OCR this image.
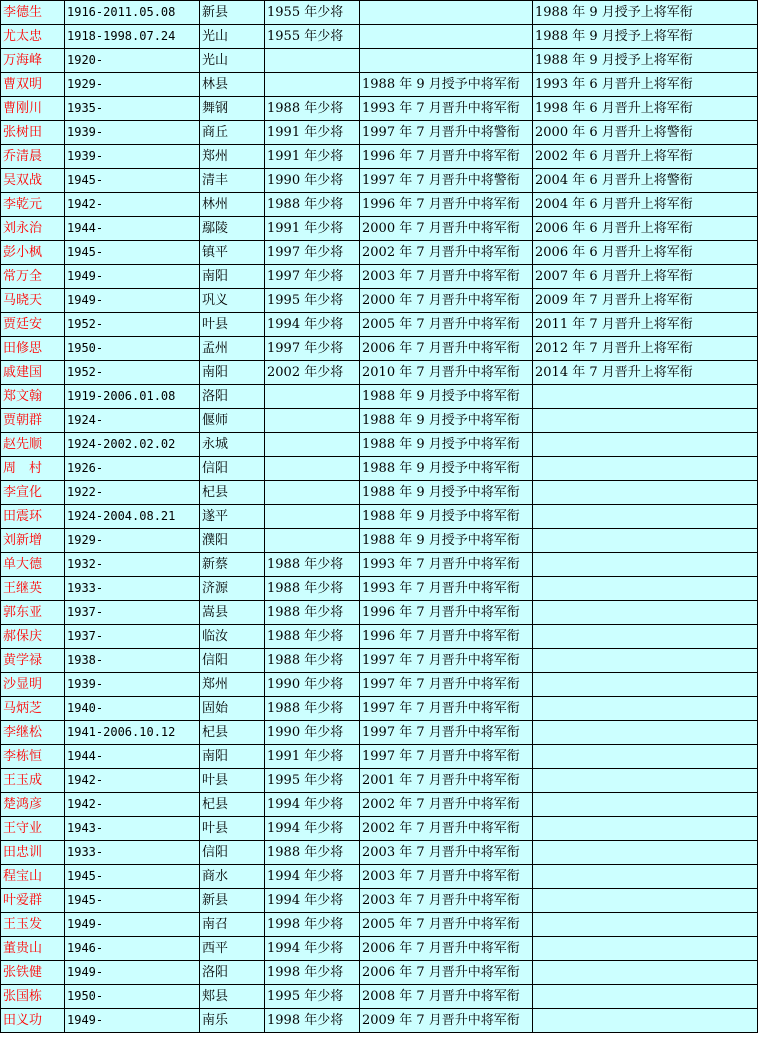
李德生	1916-2011.05.08	新县	1955 年少将		1988 年 9 月授予上将军衔
尤太忠	1918-1998.07.24	光山	1955 年少将		1988 年 9 月授予上将军衔
万海峰	1920-	光山			1988 年 9 月授予上将军衔
曹双明	1929-	林县		1988 年 9 月授予中将军衔	1993 年 6 月晋升上将军衔
曹刚川	1935-	舞钢	1988 年少将	1993 年 7 月晋升中将军衔	1998 年 6 月晋升上将军衔
张树田	1939-	商丘	1991 年少将	1997 年 7 月晋升中将警衔	2000 年 6 月晋升上将警衔
乔清晨	1939-	郑州	1991 年少将	1996 年 7 月晋升中将军衔	2002 年 6 月晋升上将军衔
吴双战	1945-	清丰	1990 年少将	1997 年 7 月晋升中将警衔	2004 年 6 月晋升上将警衔
李乾元	1942-	林州	1988 年少将	1996 年 7 月晋升中将军衔	2004 年 6 月晋升上将军衔
刘永治	1944-	鄢陵	1991 年少将	2000 年 7 月晋升中将军衔	2006 年 6 月晋升上将军衔
彭小枫	1945-	镇平	1997 年少将	2002 年 7 月晋升中将军衔	2006 年 6 月晋升上将军衔
常万全	1949-	南阳	1997 年少将	2003 年 7 月晋升中将军衔	2007 年 6 月晋升上将军衔
马晓天	1949-	巩义	1995 年少将	2000 年 7 月晋升中将军衔	2009 年 7 月晋升上将军衔
贾廷安	1952-	叶县	1994 年少将	2005 年 7 月晋升中将军衔	2011 年 7 月晋升上将军衔
田修思	1950-	孟州	1997 年少将	2006 年 7 月晋升中将军衔	2012 年 7 月晋升上将军衔
戚建国	1952-	南阳	2002 年少将	2010 年 7 月晋升中将军衔	2014 年 7 月晋升上将军衔
郑文翰	1919-2006.01.08	洛阳		1988 年 9 月授予中将军衔	
贾朝群	1924-	偃师		1988 年 9 月授予中将军衔	
赵先顺	1924-2002.02.02	永城		1988 年 9 月授予中将军衔	
周　村	1926-	信阳		1988 年 9 月授予中将军衔	
李宣化	1922-	杞县		1988 年 9 月授予中将军衔	
田震环	1924-2004.08.21	遂平		1988 年 9 月授予中将军衔	
刘新增	1929-	濮阳		1988 年 9 月授予中将军衔	
单大德	1932-	新蔡	1988 年少将	1993 年 7 月晋升中将军衔	
王继英	1933-	济源	1988 年少将	1993 年 7 月晋升中将军衔	
郭东亚	1937-	嵩县	1988 年少将	1996 年 7 月晋升中将军衔	
郝保庆	1937-	临汝	1988 年少将	1996 年 7 月晋升中将军衔	
黄学禄	1938-	信阳	1988 年少将	1997 年 7 月晋升中将军衔	
沙显明	1939-	郑州	1990 年少将	1997 年 7 月晋升中将军衔	
马炳芝	1940-	固始	1988 年少将	1997 年 7 月晋升中将军衔	
李继松	1941-2006.10.12	杞县	1990 年少将	1997 年 7 月晋升中将军衔	
李栋恒	1944-	南阳	1991 年少将	1997 年 7 月晋升中将军衔	
王玉成	1942-	叶县	1995 年少将	2001 年 7 月晋升中将军衔	
楚鸿彦	1942-	杞县	1994 年少将	2002 年 7 月晋升中将军衔	
王守业	1943-	叶县	1994 年少将	2002 年 7 月晋升中将军衔	
田忠训	1933-	信阳	1988 年少将	2003 年 7 月晋升中将军衔	
程宝山	1945-	商水	1994 年少将	2003 年 7 月晋升中将军衔	
叶爱群	1945-	新县	1994 年少将	2003 年 7 月晋升中将军衔	
王玉发	1949-	南召	1998 年少将	2005 年 7 月晋升中将军衔	
董贵山	1946-	西平	1994 年少将	2006 年 7 月晋升中将军衔	
张铁健	1949-	洛阳	1998 年少将	2006 年 7 月晋升中将军衔	
张国栋	1950-	郏县	1995 年少将	2008 年 7 月晋升中将军衔	
田义功	1949-	南乐	1998 年少将	2009 年 7 月晋升中将军衔	
